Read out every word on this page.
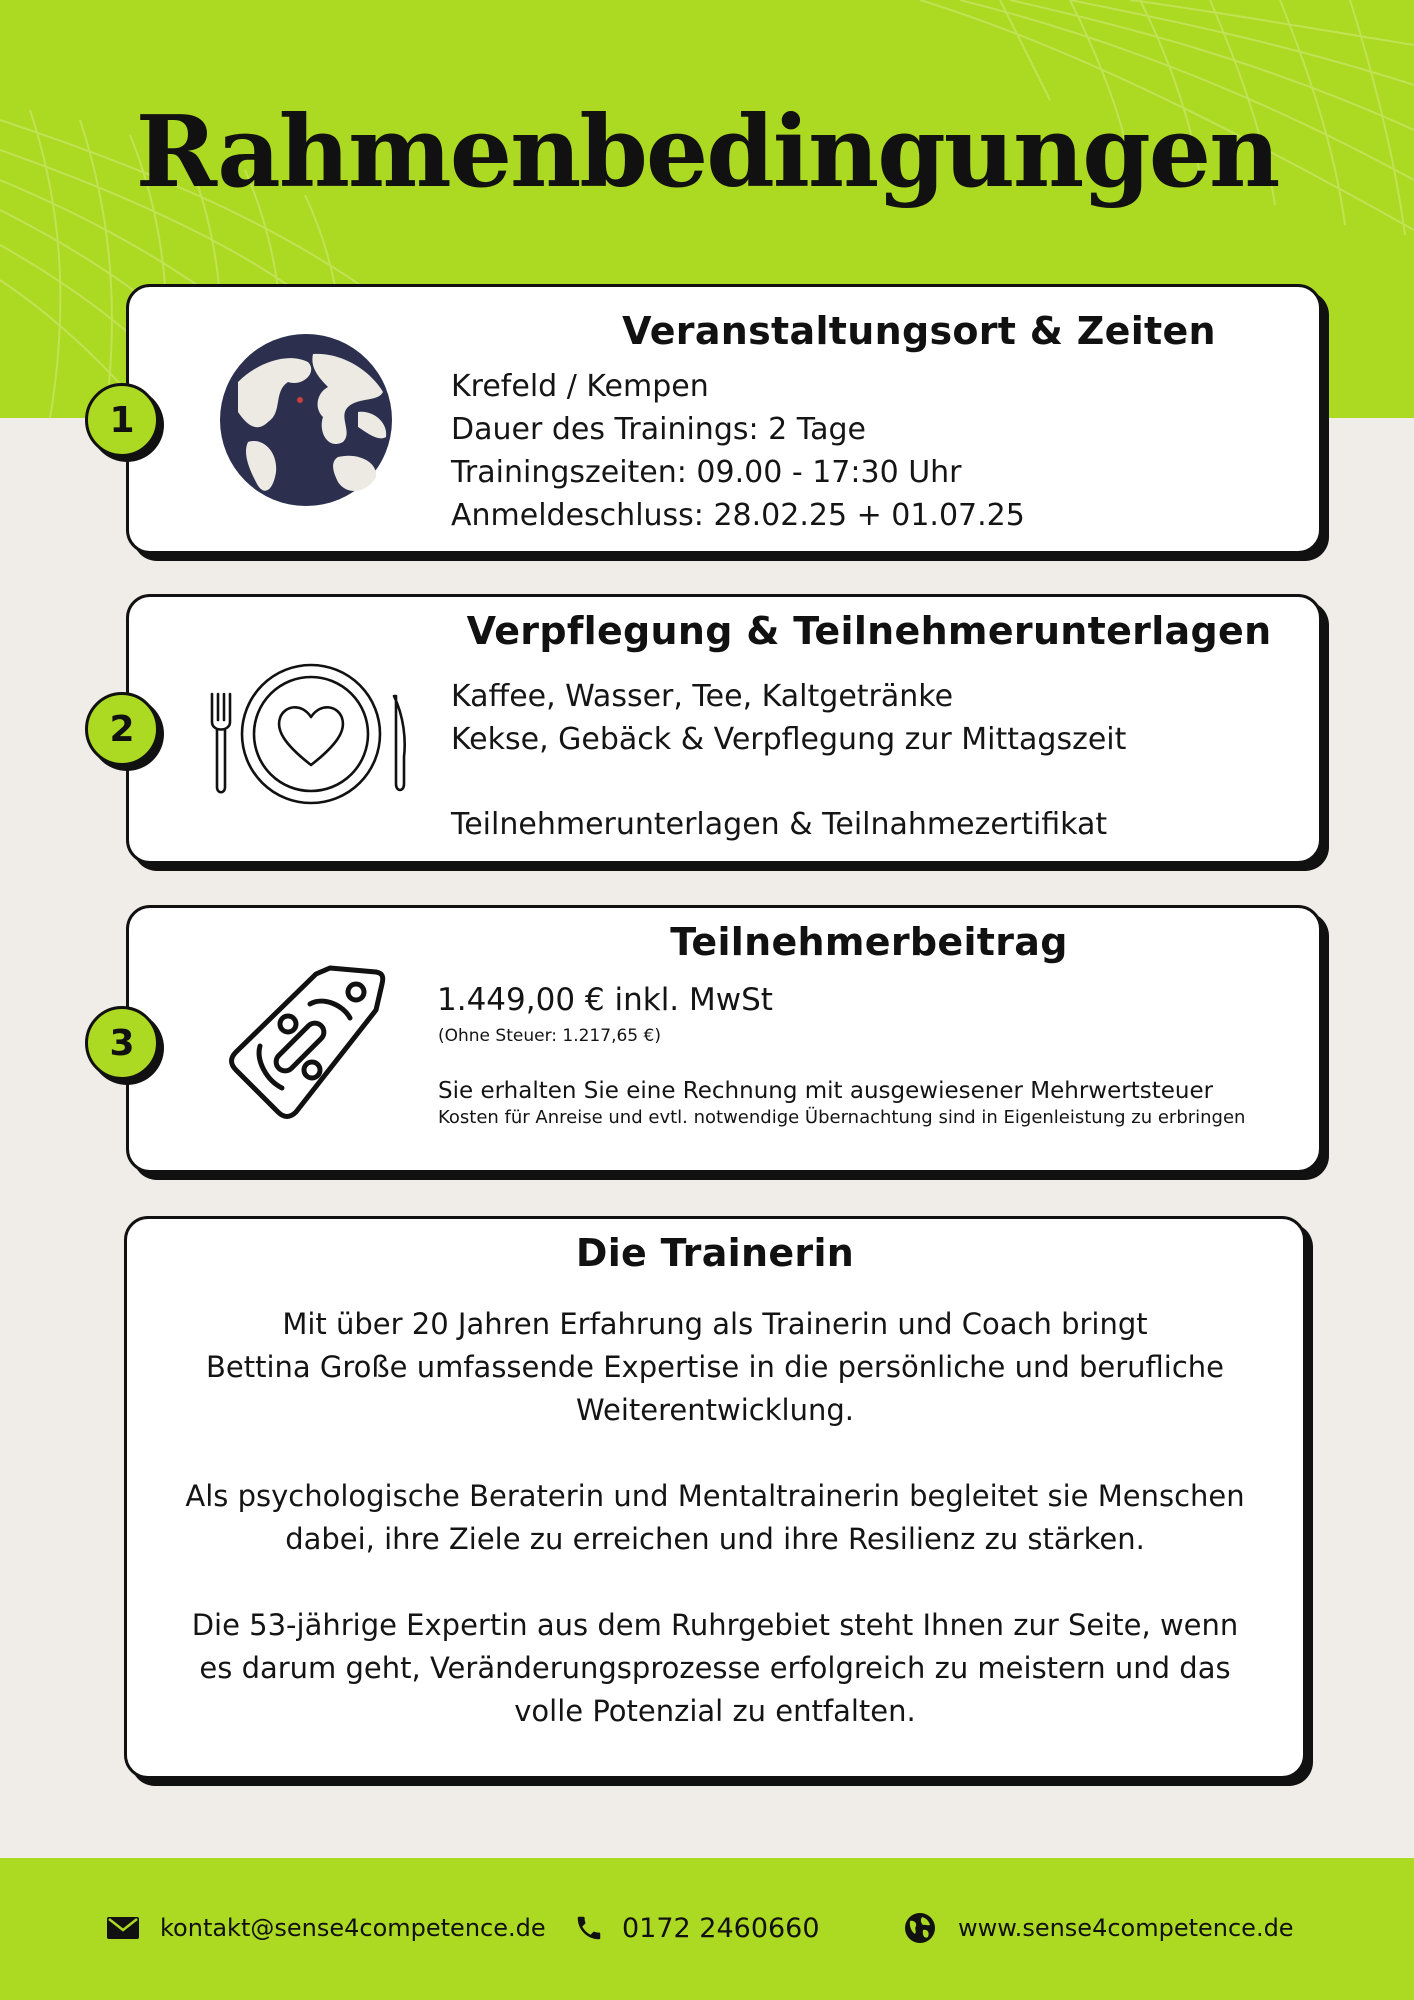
Rahmenbedingungen
Veranstaltungsort & Zeiten
Krefeld / Kempen
Dauer des Trainings: 2 Tage
Trainingszeiten: 09.00 - 17:30 Uhr
Anmeldeschluss: 28.02.25 + 01.07.25
1
Verpflegung & Teilnehmerunterlagen
Kaffee, Wasser, Tee, Kaltgetränke
Kekse, Gebäck & Verpflegung zur Mittagszeit
Teilnehmerunterlagen & Teilnahmezertifikat
2
Teilnehmerbeitrag
1.449,00 € inkl. MwSt
(Ohne Steuer: 1.217,65 €)
Sie erhalten Sie eine Rechnung mit ausgewiesener Mehrwertsteuer
Kosten für Anreise und evtl. notwendige Übernachtung sind in Eigenleistung zu erbringen
3
Die Trainerin
Mit über 20 Jahren Erfahrung als Trainerin und Coach bringt
Bettina Große umfassende Expertise in die persönliche und berufliche
Weiterentwicklung.
Als psychologische Beraterin und Mentaltrainerin begleitet sie Menschen
dabei, ihre Ziele zu erreichen und ihre Resilienz zu stärken.
Die 53-jährige Expertin aus dem Ruhrgebiet steht Ihnen zur Seite, wenn
es darum geht, Veränderungsprozesse erfolgreich zu meistern und das
volle Potenzial zu entfalten.
kontakt@sense4competence.de	0172 2460660	www.sense4competence.de
